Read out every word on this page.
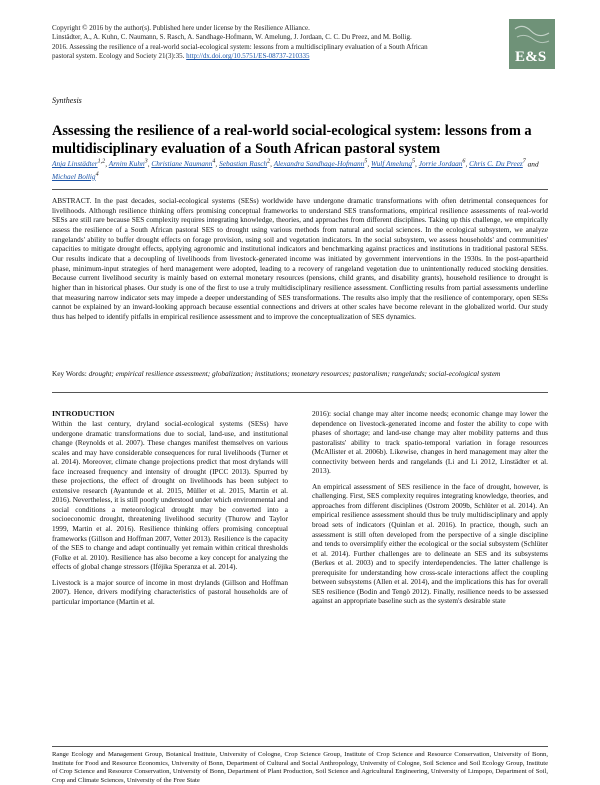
Copyright © 2016 by the author(s). Published here under license by the Resilience Alliance.

Linstädter, A., A. Kuhn, C. Naumann, S. Rasch, A. Sandhage-Hofmann, W. Amelung, J. Jordaan, C. C. Du Preez, and M. Bollig.

2016. Assessing the resilience of a real-world social-ecological system: lessons from a multidisciplinary evaluation of a South African

pastoral system. Ecology and Society 21(3):35. http://dx.doi.org/10.5751/ES-08737-210335	E&S
Synthesis
Assessing the resilience of a real-world social-ecological system: lessons from a multidisciplinary evaluation of a South African pastoral system
Anja Linstädter$^{1,2}$, Arnim Kuhn$^3$, Christiane Naumann$^4$, Sebastian Rasch$^2$, Alexandra Sandhage-Hofmann$^5$, Wulf Amelung$^5$, Jorrie Jordaan$^6$, Chris C. Du Preez$^7$ and Michael Bollig$^4$

ABSTRACT. In the past decades, social-ecological systems (SESs) worldwide have undergone dramatic transformations with often detrimental consequences for livelihoods. Although resilience thinking offers promising conceptual frameworks to understand SES transformations, empirical resilience assessments of real-world SESs are still rare because SES complexity requires integrating knowledge, theories, and approaches from different disciplines. Taking up this challenge, we empirically assess the resilience of a South African pastoral SES to drought using various methods from natural and social sciences. In the ecological subsystem, we analyze rangelands' ability to buffer drought effects on forage provision, using soil and vegetation indicators. In the social subsystem, we assess households' and communities' capacities to mitigate drought effects, applying agronomic and institutional indicators and benchmarking against practices and institutions in traditional pastoral SESs. Our results indicate that a decoupling of livelihoods from livestock-generated income was initiated by government interventions in the 1930s. In the post-apartheid phase, minimum-input strategies of herd management were adopted, leading to a recovery of rangeland vegetation due to unintentionally reduced stocking densities. Because current livelihood security is mainly based on external monetary resources (pensions, child grants, and disability grants), household resilience to drought is higher than in historical phases. Our study is one of the first to use a truly multidisciplinary resilience assessment. Conflicting results from partial assessments underline that measuring narrow indicator sets may impede a deeper understanding of SES transformations. The results also imply that the resilience of contemporary, open SESs cannot be explained by an inward-looking approach because essential connections and drivers at other scales have become relevant in the globalized world. Our study thus has helped to identify pitfalls in empirical resilience assessment and to improve the conceptualization of SES dynamics.

Key Words: drought; empirical resilience assessment; globalization; institutions; monetary resources; pastoralism; rangelands; social-ecological system

INTRODUCTION

Within the last century, dryland social-ecological systems (SESs) have undergone dramatic transformations due to social, land-use, and institutional change (Reynolds et al. 2007). These changes manifest themselves on various scales and may have considerable consequences for rural livelihoods (Turner et al. 2014). Moreover, climate change projections predict that most drylands will face increased frequency and intensity of drought (IPCC 2013). Spurred by these projections, the effect of drought on livelihoods has been subject to extensive research (Ayantunde et al. 2015, Müller et al. 2015, Martin et al. 2016). Nevertheless, it is still poorly understood under which environmental and social conditions a meteorological drought may be converted into a socioeconomic drought, threatening livelihood security (Thurow and Taylor 1999, Martin et al. 2016). Resilience thinking offers promising conceptual frameworks (Gillson and Hoffman 2007, Vetter 2013). Resilience is the capacity of the SES to change and adapt continually yet remain within critical thresholds (Folke et al. 2010). Resilience has also become a key concept for analyzing the effects of global change stressors (Iféjika Speranza et al. 2014).

Livestock is a major source of income in most drylands (Gillson and Hoffman 2007). Hence, drivers modifying characteristics of pastoral households are of particular importance (Martin et al.

2016): social change may alter income needs; economic change may lower the dependence on livestock-generated income and foster the ability to cope with phases of shortage; and land-use change may alter mobility patterns and thus pastoralists' ability to track spatio-temporal variation in forage resources (McAllister et al. 2006b). Likewise, changes in herd management may alter the connectivity between herds and rangelands (Li and Li 2012, Linstädter et al. 2013).

An empirical assessment of SES resilience in the face of drought, however, is challenging. First, SES complexity requires integrating knowledge, theories, and approaches from different disciplines (Ostrom 2009b, Schlüter et al. 2014). An empirical resilience assessment should thus be truly multidisciplinary and apply broad sets of indicators (Quinlan et al. 2016). In practice, though, such an assessment is still often developed from the perspective of a single discipline and tends to oversimplify either the ecological or the social subsystem (Schlüter et al. 2014). Further challenges are to delineate an SES and its subsystems (Berkes et al. 2003) and to specify interdependencies. The latter challenge is prerequisite for understanding how cross-scale interactions affect the coupling between subsystems (Allen et al. 2014), and the implications this has for overall SES resilience (Bodin and Tengö 2012). Finally, resilience needs to be assessed against an appropriate baseline such as the system's desirable state

Range Ecology and Management Group, Botanical Institute, University of Cologne, Crop Science Group, Institute of Crop Science and Resource Conservation, University of Bonn, Institute for Food and Resource Economics, University of Bonn, Department of Cultural and Social Anthropology, University of Cologne, Soil Science and Soil Ecology Group, Institute of Crop Science and Resource Conservation, University of Bonn, Department of Plant Production, Soil Science and Agricultural Engineering, University of Limpopo, Department of Soil, Crop and Climate Sciences, University of the Free State
